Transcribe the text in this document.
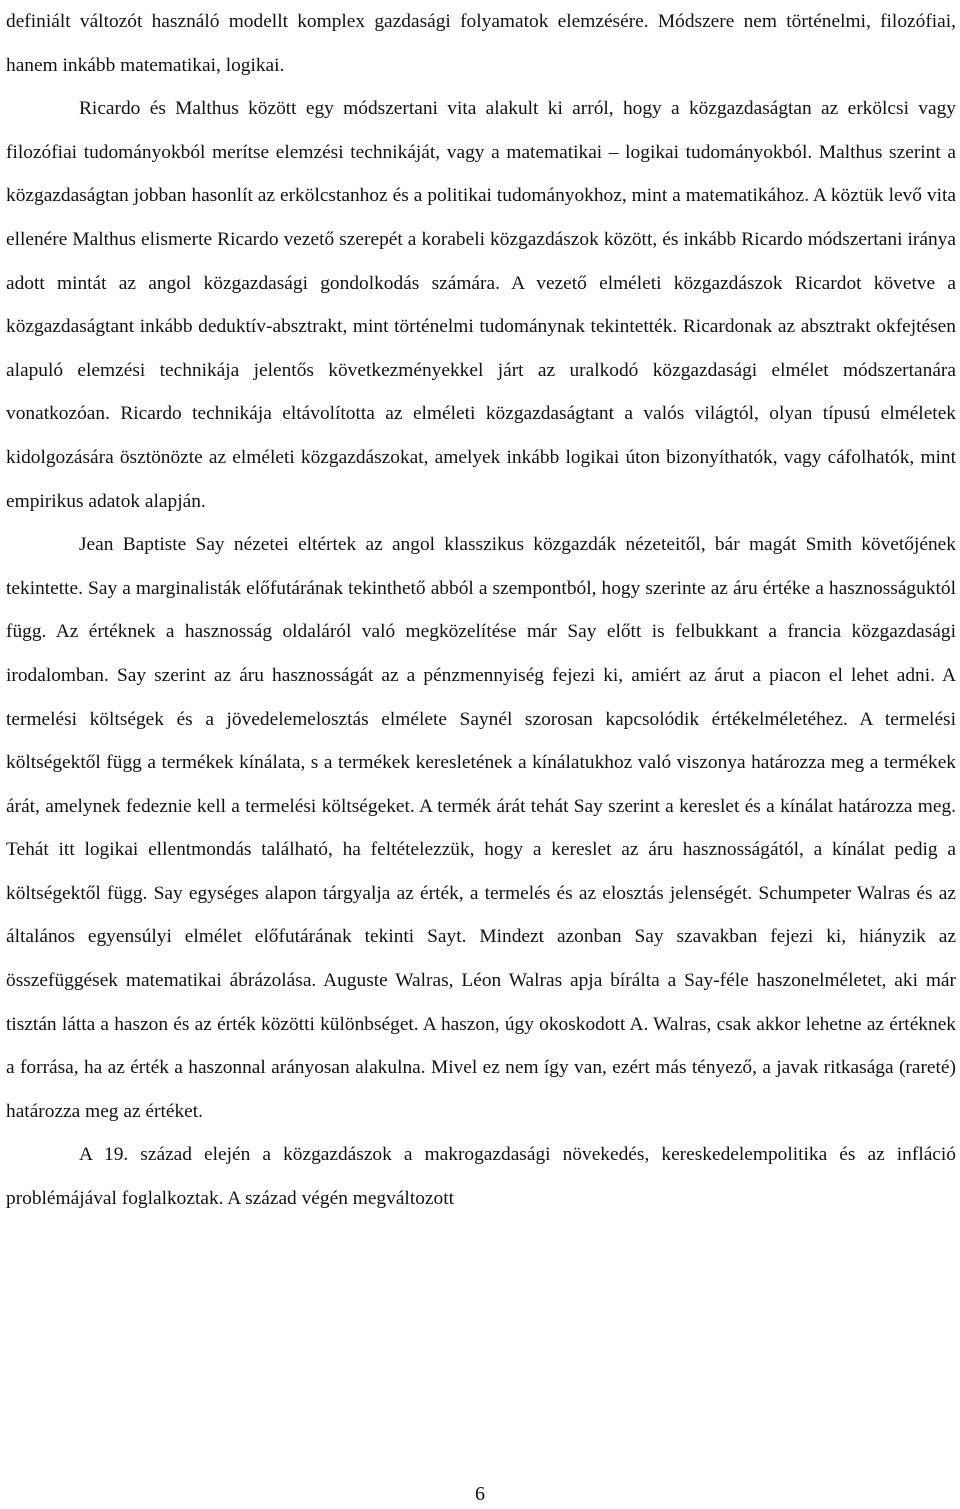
definiált változót használó modellt komplex gazdasági folyamatok elemzésére. Módszere nem történelmi, filozófiai, hanem inkább matematikai, logikai.

Ricardo és Malthus között egy módszertani vita alakult ki arról, hogy a közgazdaságtan az erkölcsi vagy filozófiai tudományokból merítse elemzési technikáját, vagy a matematikai – logikai tudományokból. Malthus szerint a közgazdaságtan jobban hasonlít az erkölcstanhoz és a politikai tudományokhoz, mint a matematikához. A köztük levő vita ellenére Malthus elismerte Ricardo vezető szerepét a korabeli közgazdászok között, és inkább Ricardo módszertani iránya adott mintát az angol közgazdasági gondolkodás számára. A vezető elméleti közgazdászok Ricardot követve a közgazdaságtant inkább deduktív-absztrakt, mint történelmi tudománynak tekintették. Ricardonak az absztrakt okfejtésen alapuló elemzési technikája jelentős következményekkel járt az uralkodó közgazdasági elmélet módszertanára vonatkozóan. Ricardo technikája eltávolította az elméleti közgazdaságtant a valós világtól, olyan típusú elméletek kidolgozására ösztönözte az elméleti közgazdászokat, amelyek inkább logikai úton bizonyíthatók, vagy cáfolhatók, mint empirikus adatok alapján.

Jean Baptiste Say nézetei eltértek az angol klasszikus közgazdák nézeteitől, bár magát Smith követőjének tekintette. Say a marginalisták előfutárának tekinthető abból a szempontból, hogy szerinte az áru értéke a hasznosságuktól függ. Az értéknek a hasznosság oldaláról való megközelítése már Say előtt is felbukkant a francia közgazdasági irodalomban. Say szerint az áru hasznosságát az a pénzmennyiség fejezi ki, amiért az árut a piacon el lehet adni. A termelési költségek és a jövedelemelosztás elmélete Saynél szorosan kapcsolódik értékelméletéhez. A termelési költségektől függ a termékek kínálata, s a termékek keresletének a kínálatukhoz való viszonya határozza meg a termékek árát, amelynek fedeznie kell a termelési költségeket. A termék árát tehát Say szerint a kereslet és a kínálat határozza meg. Tehát itt logikai ellentmondás található, ha feltételezzük, hogy a kereslet az áru hasznosságától, a kínálat pedig a költségektől függ. Say egységes alapon tárgyalja az érték, a termelés és az elosztás jelenségét. Schumpeter Walras és az általános egyensúlyi elmélet előfutárának tekinti Sayt. Mindezt azonban Say szavakban fejezi ki, hiányzik az összefüggések matematikai ábrázolása. Auguste Walras, Léon Walras apja bírálta a Say-féle haszonelméletet, aki már tisztán látta a haszon és az érték közötti különbséget. A haszon, úgy okoskodott A. Walras, csak akkor lehetne az értéknek a forrása, ha az érték a haszonnal arányosan alakulna. Mivel ez nem így van, ezért más tényező, a javak ritkasága (rareté) határozza meg az értéket.

A 19. század elején a közgazdászok a makrogazdasági növekedés, kereskedelempolitika és az infláció problémájával foglalkoztak. A század végén megváltozott

6
